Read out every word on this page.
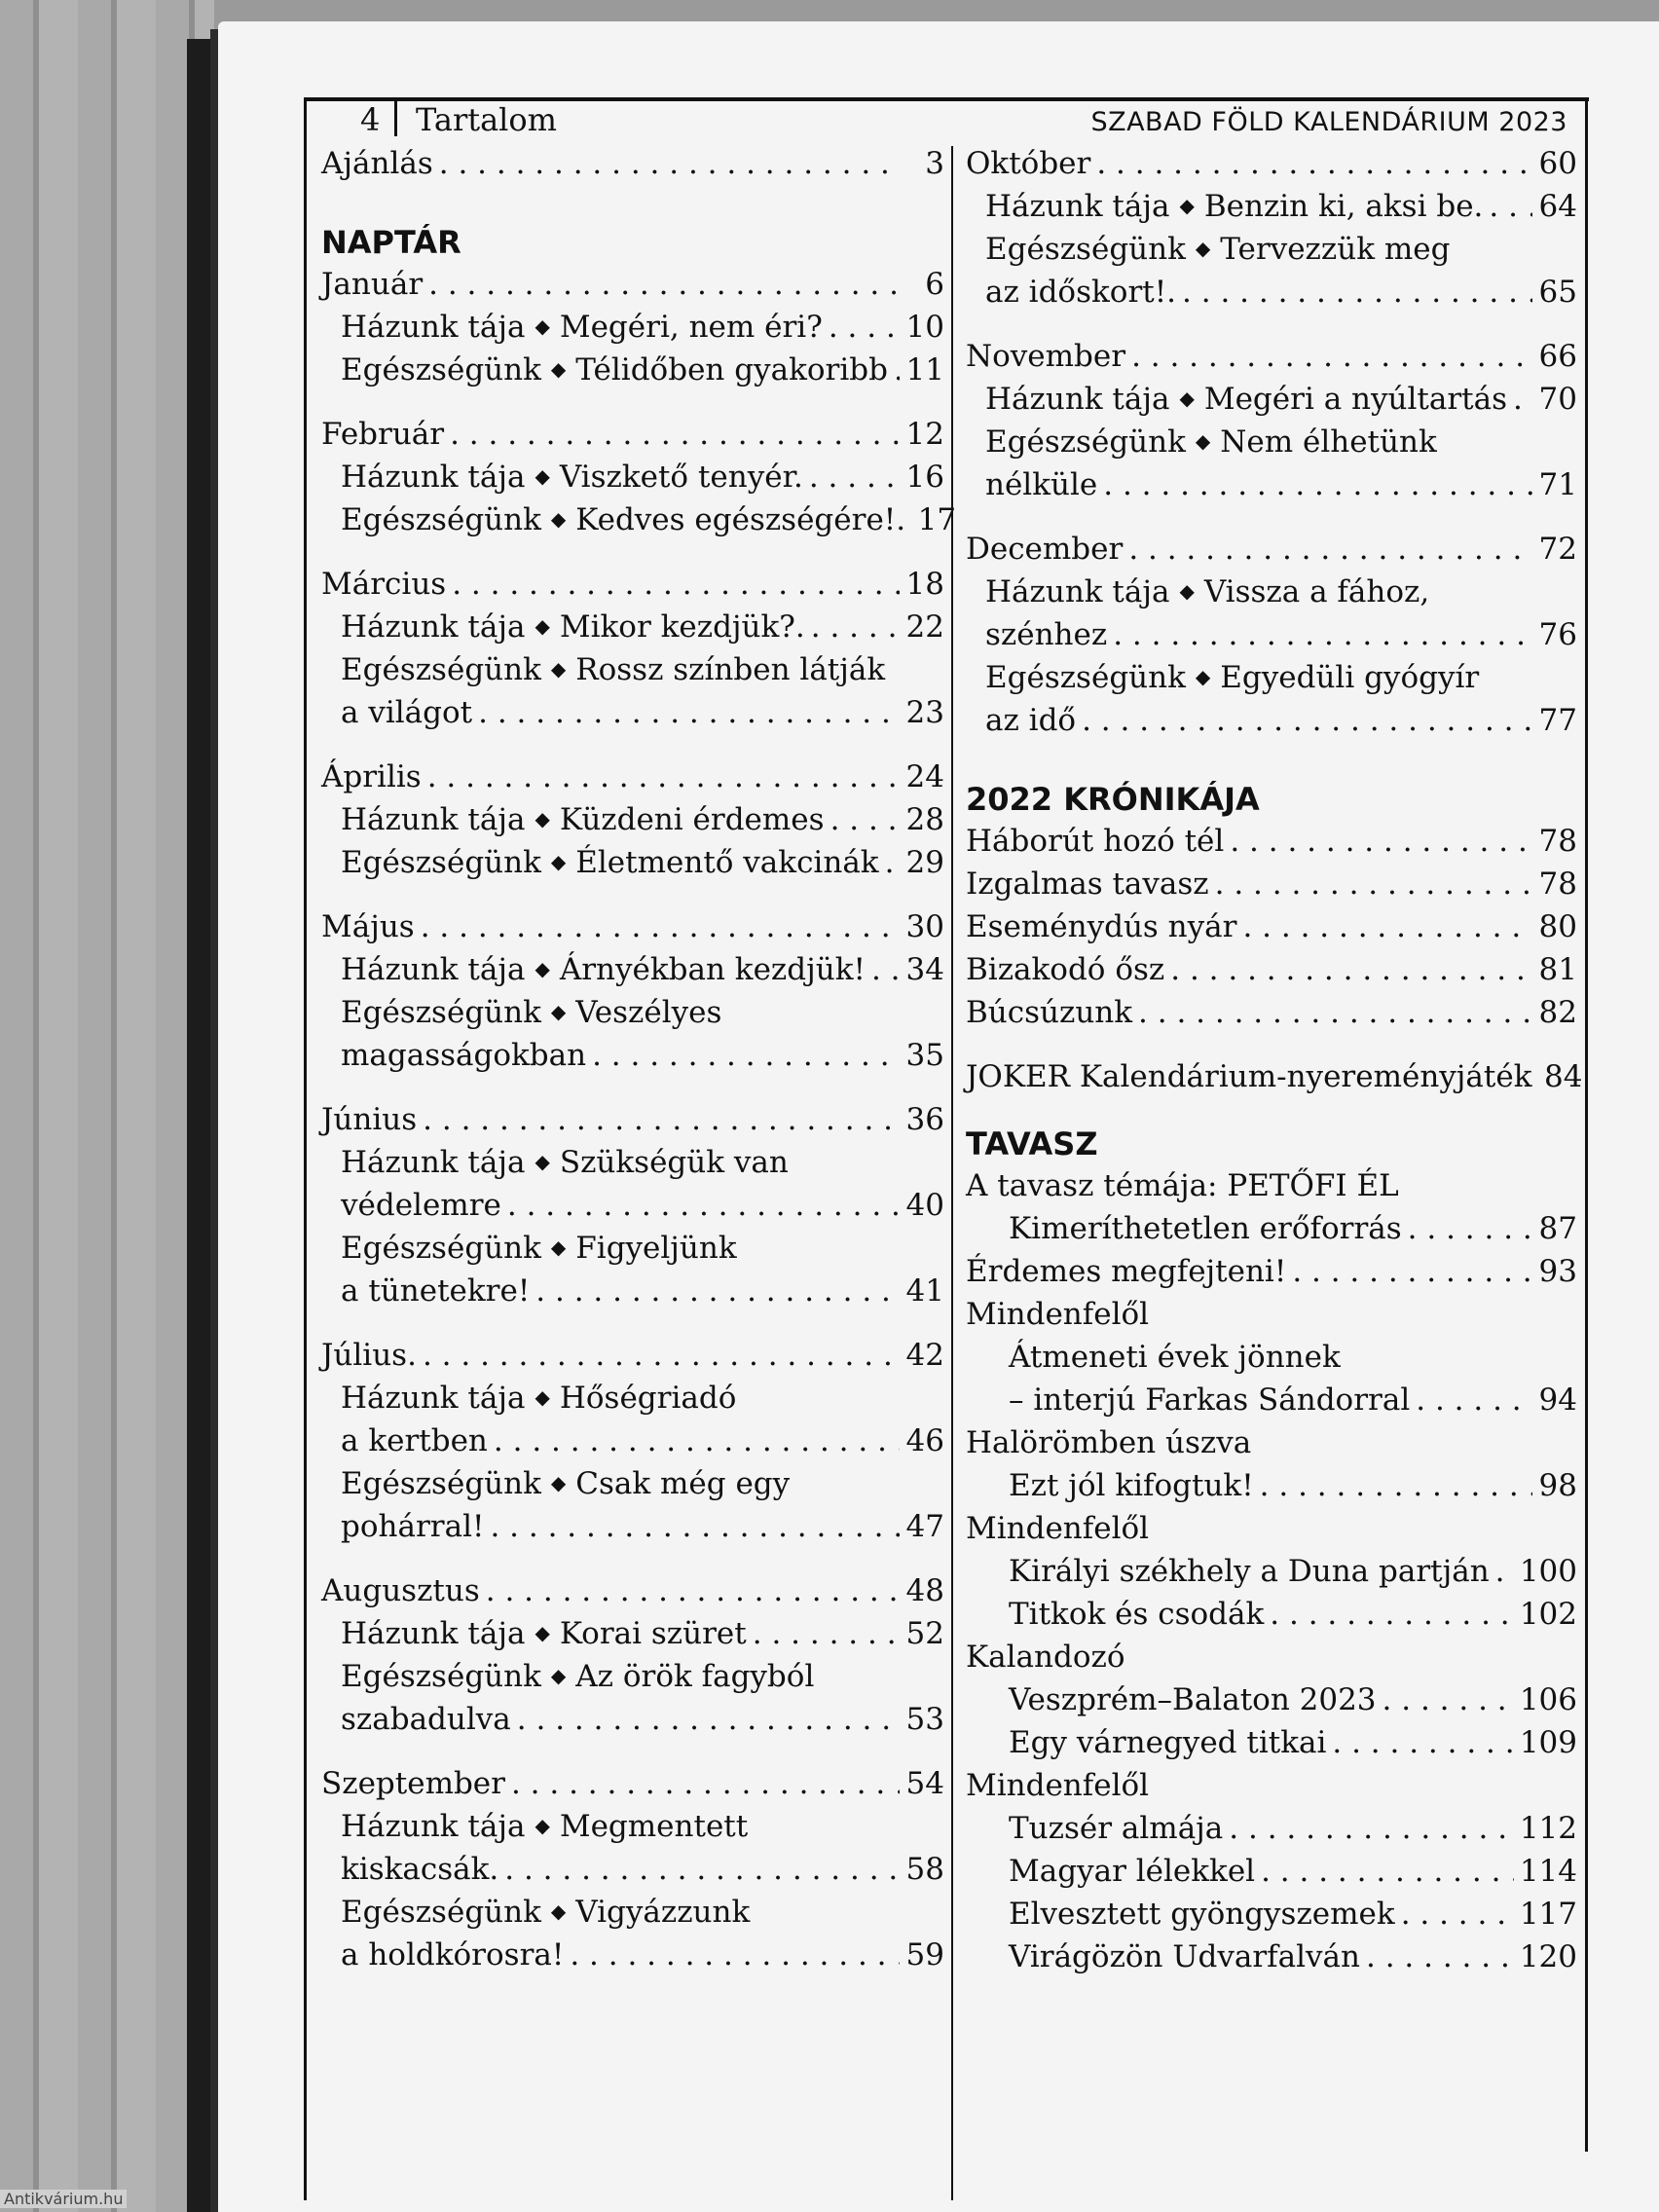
4 Tartalom	SZABAD FÖLD KALENDÁRIUM 2023
Ajánlás . . .	3
NAPTÁR
Január . . .	6
Házunk tája ◆ Megéri, nem éri? . . .	10
Egészségünk ◆ Télidőben gyakoribb . . . 11
Február . . .	12
Házunk tája ◆ Viszkető tenyér. . . .	16
Egészségünk ◆ Kedves egészségére!. 17
Március . . .	18
Házunk tája ◆ Mikor kezdjük?. . . .	22
Egészségünk ◆ Rossz színben látják
a világot . . .	23
Április . . .	24
Házunk tája ◆ Küzdeni érdemes . . .	28
Egészségünk ◆ Életmentő vakcinák . . . 29
Május . . .	30
Házunk tája ◆ Árnyékban kezdjük! . . . 34
Egészségünk ◆ Veszélyes
magasságokban . . .	35
Június . . .	36
Házunk tája ◆ Szükségük van
védelemre . . .	40
Egészségünk ◆ Figyeljünk
a tünetekre! . . .	41
Július. . . .	42
Házunk tája ◆ Hőségriadó
a kertben . . .	46
Egészségünk ◆ Csak még egy
pohárral! . . .	47
Augusztus . . .	48
Házunk tája ◆ Korai szüret . . .	52
Egészségünk ◆ Az örök fagyból
szabadulva . . .	53
Szeptember . . .	54
Házunk tája ◆ Megmentett
kiskacsák. . . .	58
Egészségünk ◆ Vigyázzunk
a holdkórosra! . . .	59
Október . . .	60
Házunk tája ◆ Benzin ki, aksi be. . . . 64
Egészségünk ◆ Tervezzük meg
az időskort!. . . .	65
November . . .	66
Házunk tája ◆ Megéri a nyúltartás . . . 70
Egészségünk ◆ Nem élhetünk
nélküle . . .	71
December . . .	72
Házunk tája ◆ Vissza a fához,
szénhez . . .	76
Egészségünk ◆ Egyedüli gyógyír
az idő . . .	77
2022 KRÓNIKÁJA
Háborút hozó tél . . .	78
Izgalmas tavasz . . .	78
Eseménydús nyár . . .	80
Bizakodó ősz . . .	81
Búcsúzunk . . .	82
JOKER Kalendárium-nyereményjáték 84
TAVASZ
A tavasz témája: PETŐFI ÉL
Kimeríthetetlen erőforrás . . .	87
Érdemes megfejteni! . . .	93
Mindenfelől
Átmeneti évek jönnek
– interjú Farkas Sándorral . . .	94
Halörömben úszva
Ezt jól kifogtuk! . . .	98
Mindenfelől
Királyi székhely a Duna partján . . . 100
Titkok és csodák . . .	102
Kalandozó
Veszprém–Balaton 2023 . . .	106
Egy várnegyed titkai . . .	109
Mindenfelől
Tuzsér almája . . .	112
Magyar lélekkel . . .	114
Elvesztett gyöngyszemek . . .	117
Virágözön Udvarfalván . . .	120
Antikvárium.hu
